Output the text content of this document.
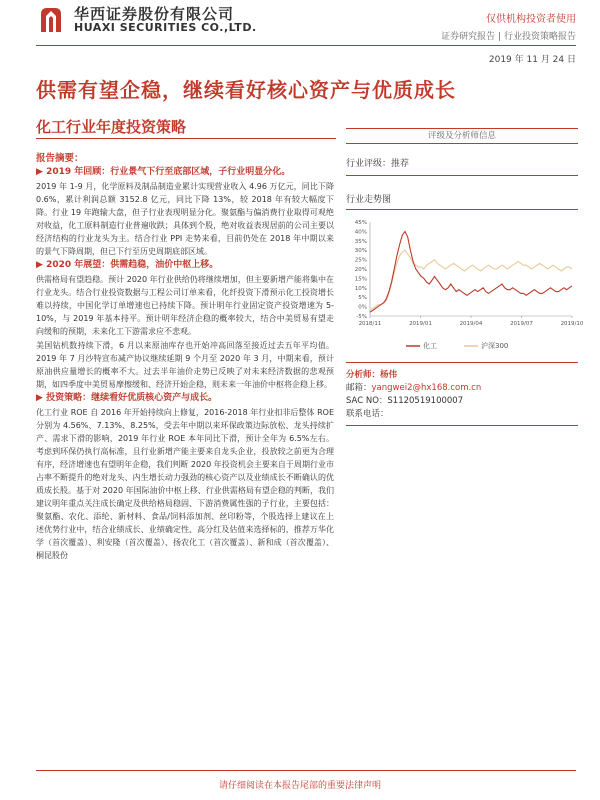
华西证券股份有限公司
HUAXI SECURITIES CO.,LTD.
仅供机构投资者使用
证券研究报告 | 行业投资策略报告
2019 年 11 月 24 日
供需有望企稳，继续看好核心资产与优质成长
化工行业年度投资策略
报告摘要：
▶ 2019 年回顾：行业景气下行至底部区域，子行业明显分化。

2019 年 1-9 月，化学原料及制品制造业累计实现营业收入 4.96 万亿元，同比下降 0.6%，累计利润总额 3152.8 亿元，同比下降 13%，较 2018 年有较大幅度下降。行业 19 年跑输大盘，但子行业表现明显分化。聚氨酯与偏消费行业取得可观绝对收益，化工原料制造行业普遍收跌；具体到个股，绝对收益表现居前的公司主要以经济结构的行业龙头为主。结合行业 PPI 走势来看，目前仍处在 2018 年中期以来的景气下降周期，但已下行至历史周期底部区域。

▶ 2020 年展望：供需趋稳，油价中枢上移。

供需格局有望趋稳。预计 2020 年行业供给仍将继续增加，但主要新增产能将集中在行业龙头。结合行业投资数据与工程公司订单来看，化纤投资下滑预示化工投资增长难以持续，中国化学订单增速也已持续下降。预计明年行业固定资产投资增速为 5-10%，与 2019 年基本持平。预计明年经济企稳的概率较大，结合中美贸易有望走向缓和的预期，未来化工下游需求应不悲观。

美国钻机数持续下滑，6 月以来原油库存也开始冲高回落至接近过去五年平均值。2019 年 7 月沙特宣布减产协议继续延期 9 个月至 2020 年 3 月，中期来看，预计原油供应量增长的概率不大。过去半年油价走势已反映了对未来经济数据的悲观预期，如四季度中美贸易摩擦缓和、经济开始企稳，则未来一年油价中枢将企稳上移。

▶ 投资策略：继续看好优质核心资产与成长。

化工行业 ROE 自 2016 年开始持续向上修复，2016-2018 年行业扣非后整体 ROE 分别为 4.56%、7.13%、8.25%，受去年中期以来环保政策边际放松、龙头持续扩产、需求下滑的影响，2019 年行业 ROE 本年同比下滑，预计全年为 6.5%左右。考虑到环保仍执行高标准，且行业新增产能主要来自龙头企业，投放较之前更为合理有序，经济增速也有望明年企稳，我们判断 2020 年投资机会主要来自于周期行业市占率不断提升的绝对龙头、内生增长动力强劲的核心资产以及业绩成长不断确认的优质成长股。基于对 2020 年国际油价中枢上移、行业供需格局有望企稳的判断，我们建议明年重点关注成长确定及供给格局稳固、下游消费属性强的子行业，主要包括：聚氨酯、农化、添纶、新材料、食品/饲料添加剂、丝印粉等，个股选择上建议在上述优势行业中，结合业绩成长、业绩确定性、高分红及估值来选择标的，推荐万华化学（首次覆盖）、利安隆（首次覆盖）、扬农化工（首次覆盖）、新和成（首次覆盖）、桐昆股份

评级及分析师信息
行业评级：推荐
行业走势图
-5%
0%
5%
10%
15%
20%
25%
30%
35%
40%
45%
2018/11	2019/01	2019/04	2019/07	2019/10
化工	沪深300
分析师：杨伟
邮箱：yangwei2@hx168.com.cn
SAC NO：S1120519100007
联系电话：
请仔细阅读在本报告尾部的重要法律声明
